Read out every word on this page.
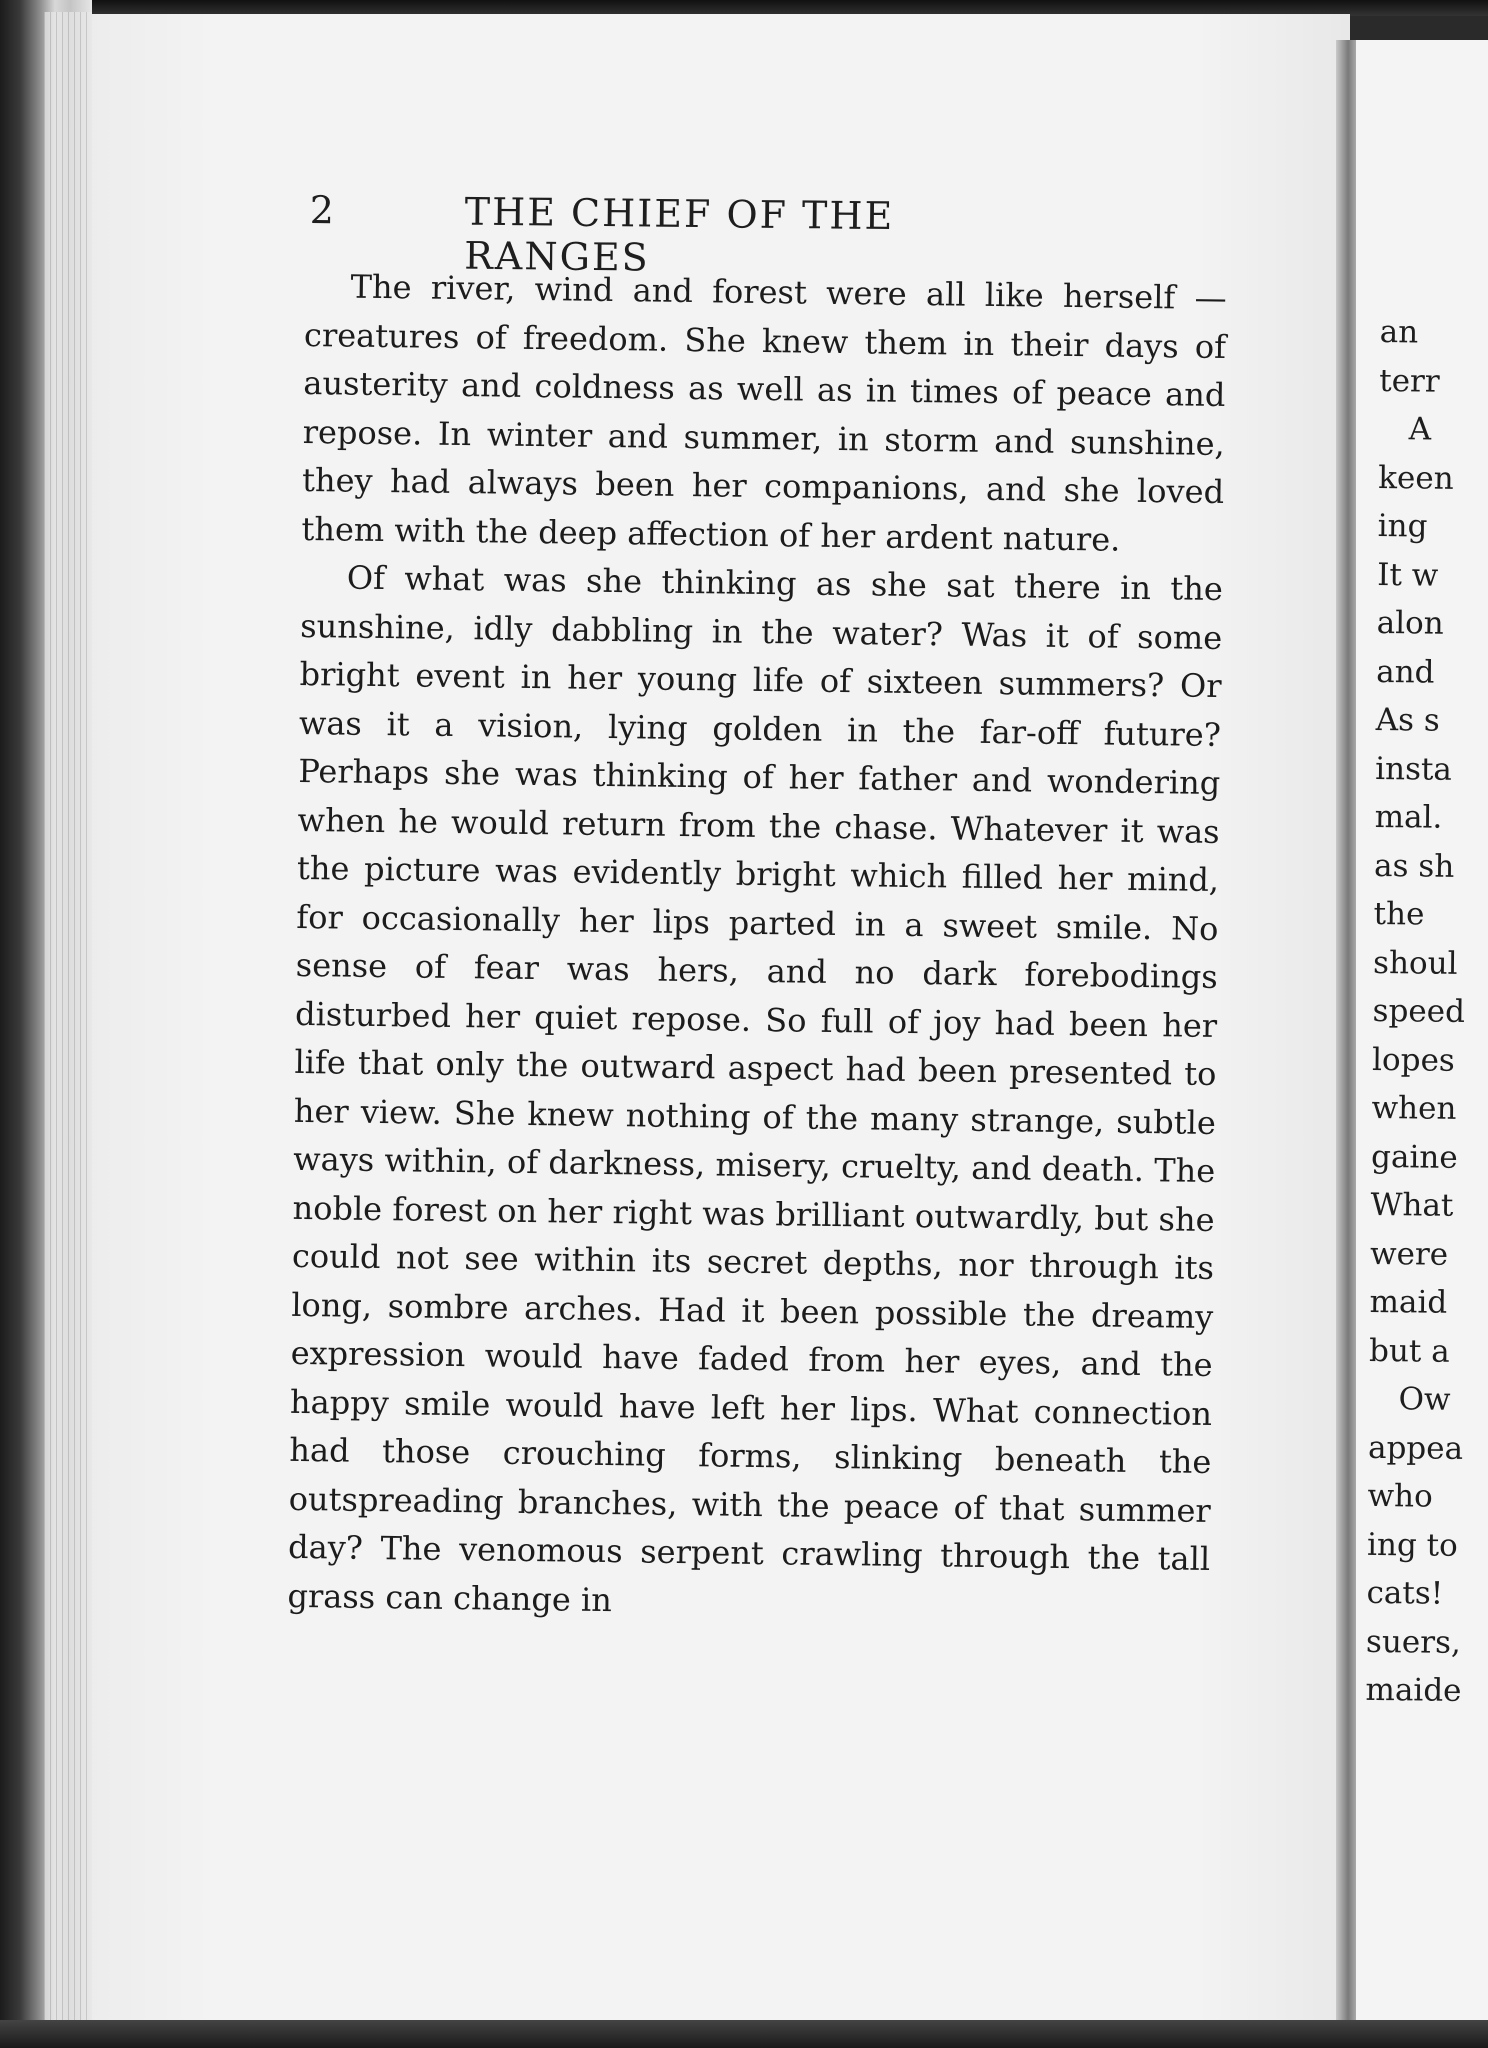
an
terr
A
keen
ing
It w
alon
and
As s
insta
mal.
as sh
the
shoul
speed
lopes
when
gaine
What
were
maid
but a
Ow
appea
who
ing to
cats!
suers,
maide
2	THE CHIEF OF THE RANGES

The river, wind and forest were all like herself — creatures of freedom. She knew them in their days of austerity and coldness as well as in times of peace and repose. In winter and summer, in storm and sunshine, they had always been her companions, and she loved them with the deep affection of her ardent nature.

Of what was she thinking as she sat there in the sunshine, idly dabbling in the water? Was it of some bright event in her young life of sixteen summers? Or was it a vision, lying golden in the far-off future? Perhaps she was thinking of her father and wondering when he would return from the chase. Whatever it was the picture was evidently bright which filled her mind, for occasionally her lips parted in a sweet smile. No sense of fear was hers, and no dark forebodings disturbed her quiet repose. So full of joy had been her life that only the outward aspect had been presented to her view. She knew nothing of the many strange, subtle ways within, of darkness, misery, cruelty, and death. The noble forest on her right was brilliant outwardly, but she could not see within its secret depths, nor through its long, sombre arches. Had it been possible the dreamy expression would have faded from her eyes, and the happy smile would have left her lips. What connection had those crouching forms, slinking beneath the outspreading branches, with the peace of that summer day? The venomous serpent crawling through the tall grass can change in
